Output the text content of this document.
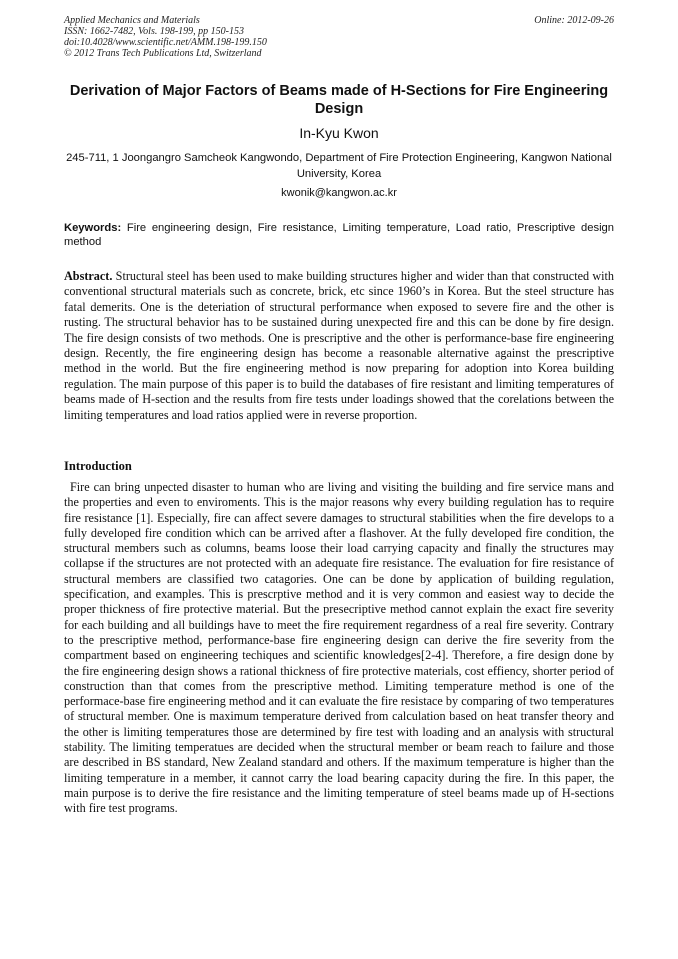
Applied Mechanics and Materials
ISSN: 1662-7482, Vols. 198-199, pp 150-153
doi:10.4028/www.scientific.net/AMM.198-199.150
© 2012 Trans Tech Publications Ltd, Switzerland
Online: 2012-09-26
Derivation of Major Factors of Beams made of H-Sections for Fire Engineering Design
In-Kyu Kwon
245-711, 1 Joongangro Samcheok Kangwondo, Department of Fire Protection Engineering, Kangwon National University, Korea
kwonik@kangwon.ac.kr
Keywords: Fire engineering design, Fire resistance, Limiting temperature, Load ratio, Prescriptive design method
Abstract. Structural steel has been used to make building structures higher and wider than that constructed with conventional structural materials such as concrete, brick, etc since 1960’s in Korea. But the steel structure has fatal demerits. One is the deteriation of structural performance when exposed to severe fire and the other is rusting. The structural behavior has to be sustained during unexpected fire and this can be done by fire design. The fire design consists of two methods. One is prescriptive and the other is performance-base fire engineering design. Recently, the fire engineering design has become a reasonable alternative against the prescriptive method in the world. But the fire engineering method is now preparing for adoption into Korea building regulation. The main purpose of this paper is to build the databases of fire resistant and limiting temperatures of beams made of H-section and the results from fire tests under loadings showed that the corelations between the limiting temperatures and load ratios applied were in reverse proportion.
Introduction
Fire can bring unpected disaster to human who are living and visiting the building and fire service mans and the properties and even to enviroments. This is the major reasons why every building regulation has to require fire resistance [1]. Especially, fire can affect severe damages to structural stabilities when the fire develops to a fully developed fire condition which can be arrived after a flashover. At the fully developed fire condition, the structural members such as columns, beams loose their load carrying capacity and finally the structures may collapse if the structures are not protected with an adequate fire resistance. The evaluation for fire resistance of structural members are classified two catagories. One can be done by application of building regulation, specification, and examples. This is prescrptive method and it is very common and easiest way to decide the proper thickness of fire protective material. But the presecriptive method cannot explain the exact fire severity for each building and all buildings have to meet the fire requirement regardness of a real fire severity. Contrary to the prescriptive method, performance-base fire engineering design can derive the fire severity from the compartment based on engineering techiques and scientific knowledges[2-4]. Therefore, a fire design done by the fire engineering design shows a rational thickness of fire protective materials, cost effiency, shorter period of construction than that comes from the prescriptive method. Limiting temperature method is one of the performace-base fire engineering method and it can evaluate the fire resistace by comparing of two temperatures of structural member. One is maximum temperature derived from calculation based on heat transfer theory and the other is limiting temperatures those are determined by fire test with loading and an analysis with structural stability. The limiting temperatues are decided when the structural member or beam reach to failure and those are described in BS standard, New Zealand standard and others. If the maximum temperature is higher than the limiting temperature in a member, it cannot carry the load bearing capacity during the fire. In this paper, the main purpose is to derive the fire resistance and the limiting temperature of steel beams made up of H-sections with fire test programs.
